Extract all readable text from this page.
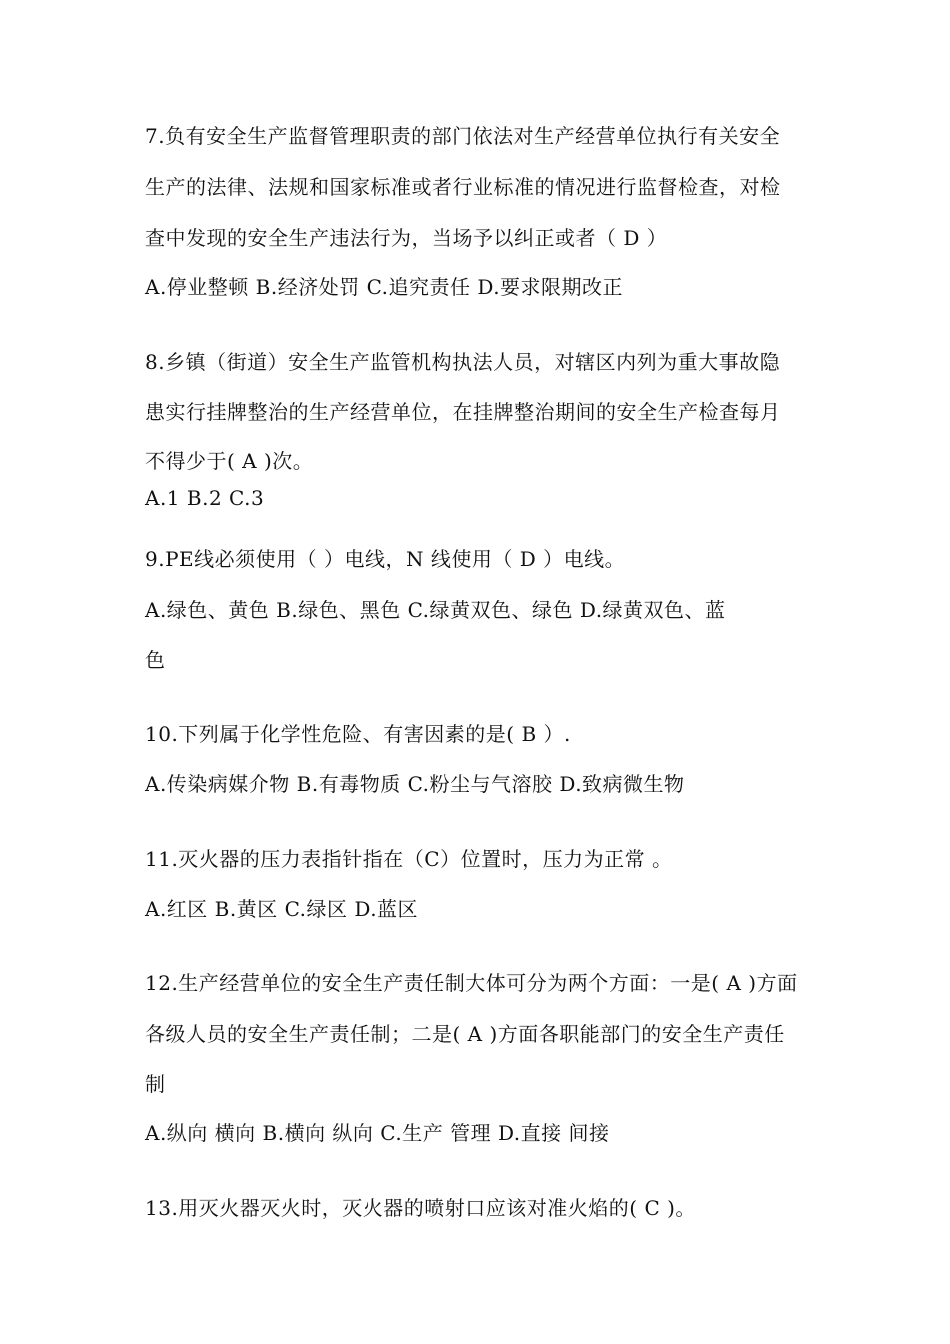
7.负有安全生产监督管理职责的部门依法对生产经营单位执行有关安全
生产的法律、法规和国家标准或者行业标准的情况进行监督检查，对检
查中发现的安全生产违法行为，当场予以纠正或者（ D ）
A.停业整顿 B.经济处罚 C.追究责任 D.要求限期改正
8.乡镇（街道）安全生产监管机构执法人员，对辖区内列为重大事故隐
患实行挂牌整治的生产经营单位，在挂牌整治期间的安全生产检查每月
不得少于( A )次。
A.1 B.2 C.3
9.PE线必须使用（ ）电线，N 线使用（ D ）电线。
A.绿色、黄色 B.绿色、黑色 C.绿黄双色、绿色 D.绿黄双色、蓝
色
10.下列属于化学性危险、有害因素的是( B ）.
A.传染病媒介物 B.有毒物质 C.粉尘与气溶胶 D.致病微生物
11.灭火器的压力表指针指在（C）位置时，压力为正常 。
A.红区 B.黄区 C.绿区 D.蓝区
12.生产经营单位的安全生产责任制大体可分为两个方面：一是( A )方面
各级人员的安全生产责任制；二是( A )方面各职能部门的安全生产责任
制
A.纵向 横向 B.横向 纵向 C.生产 管理 D.直接 间接
13.用灭火器灭火时，灭火器的喷射口应该对准火焰的( C )。
